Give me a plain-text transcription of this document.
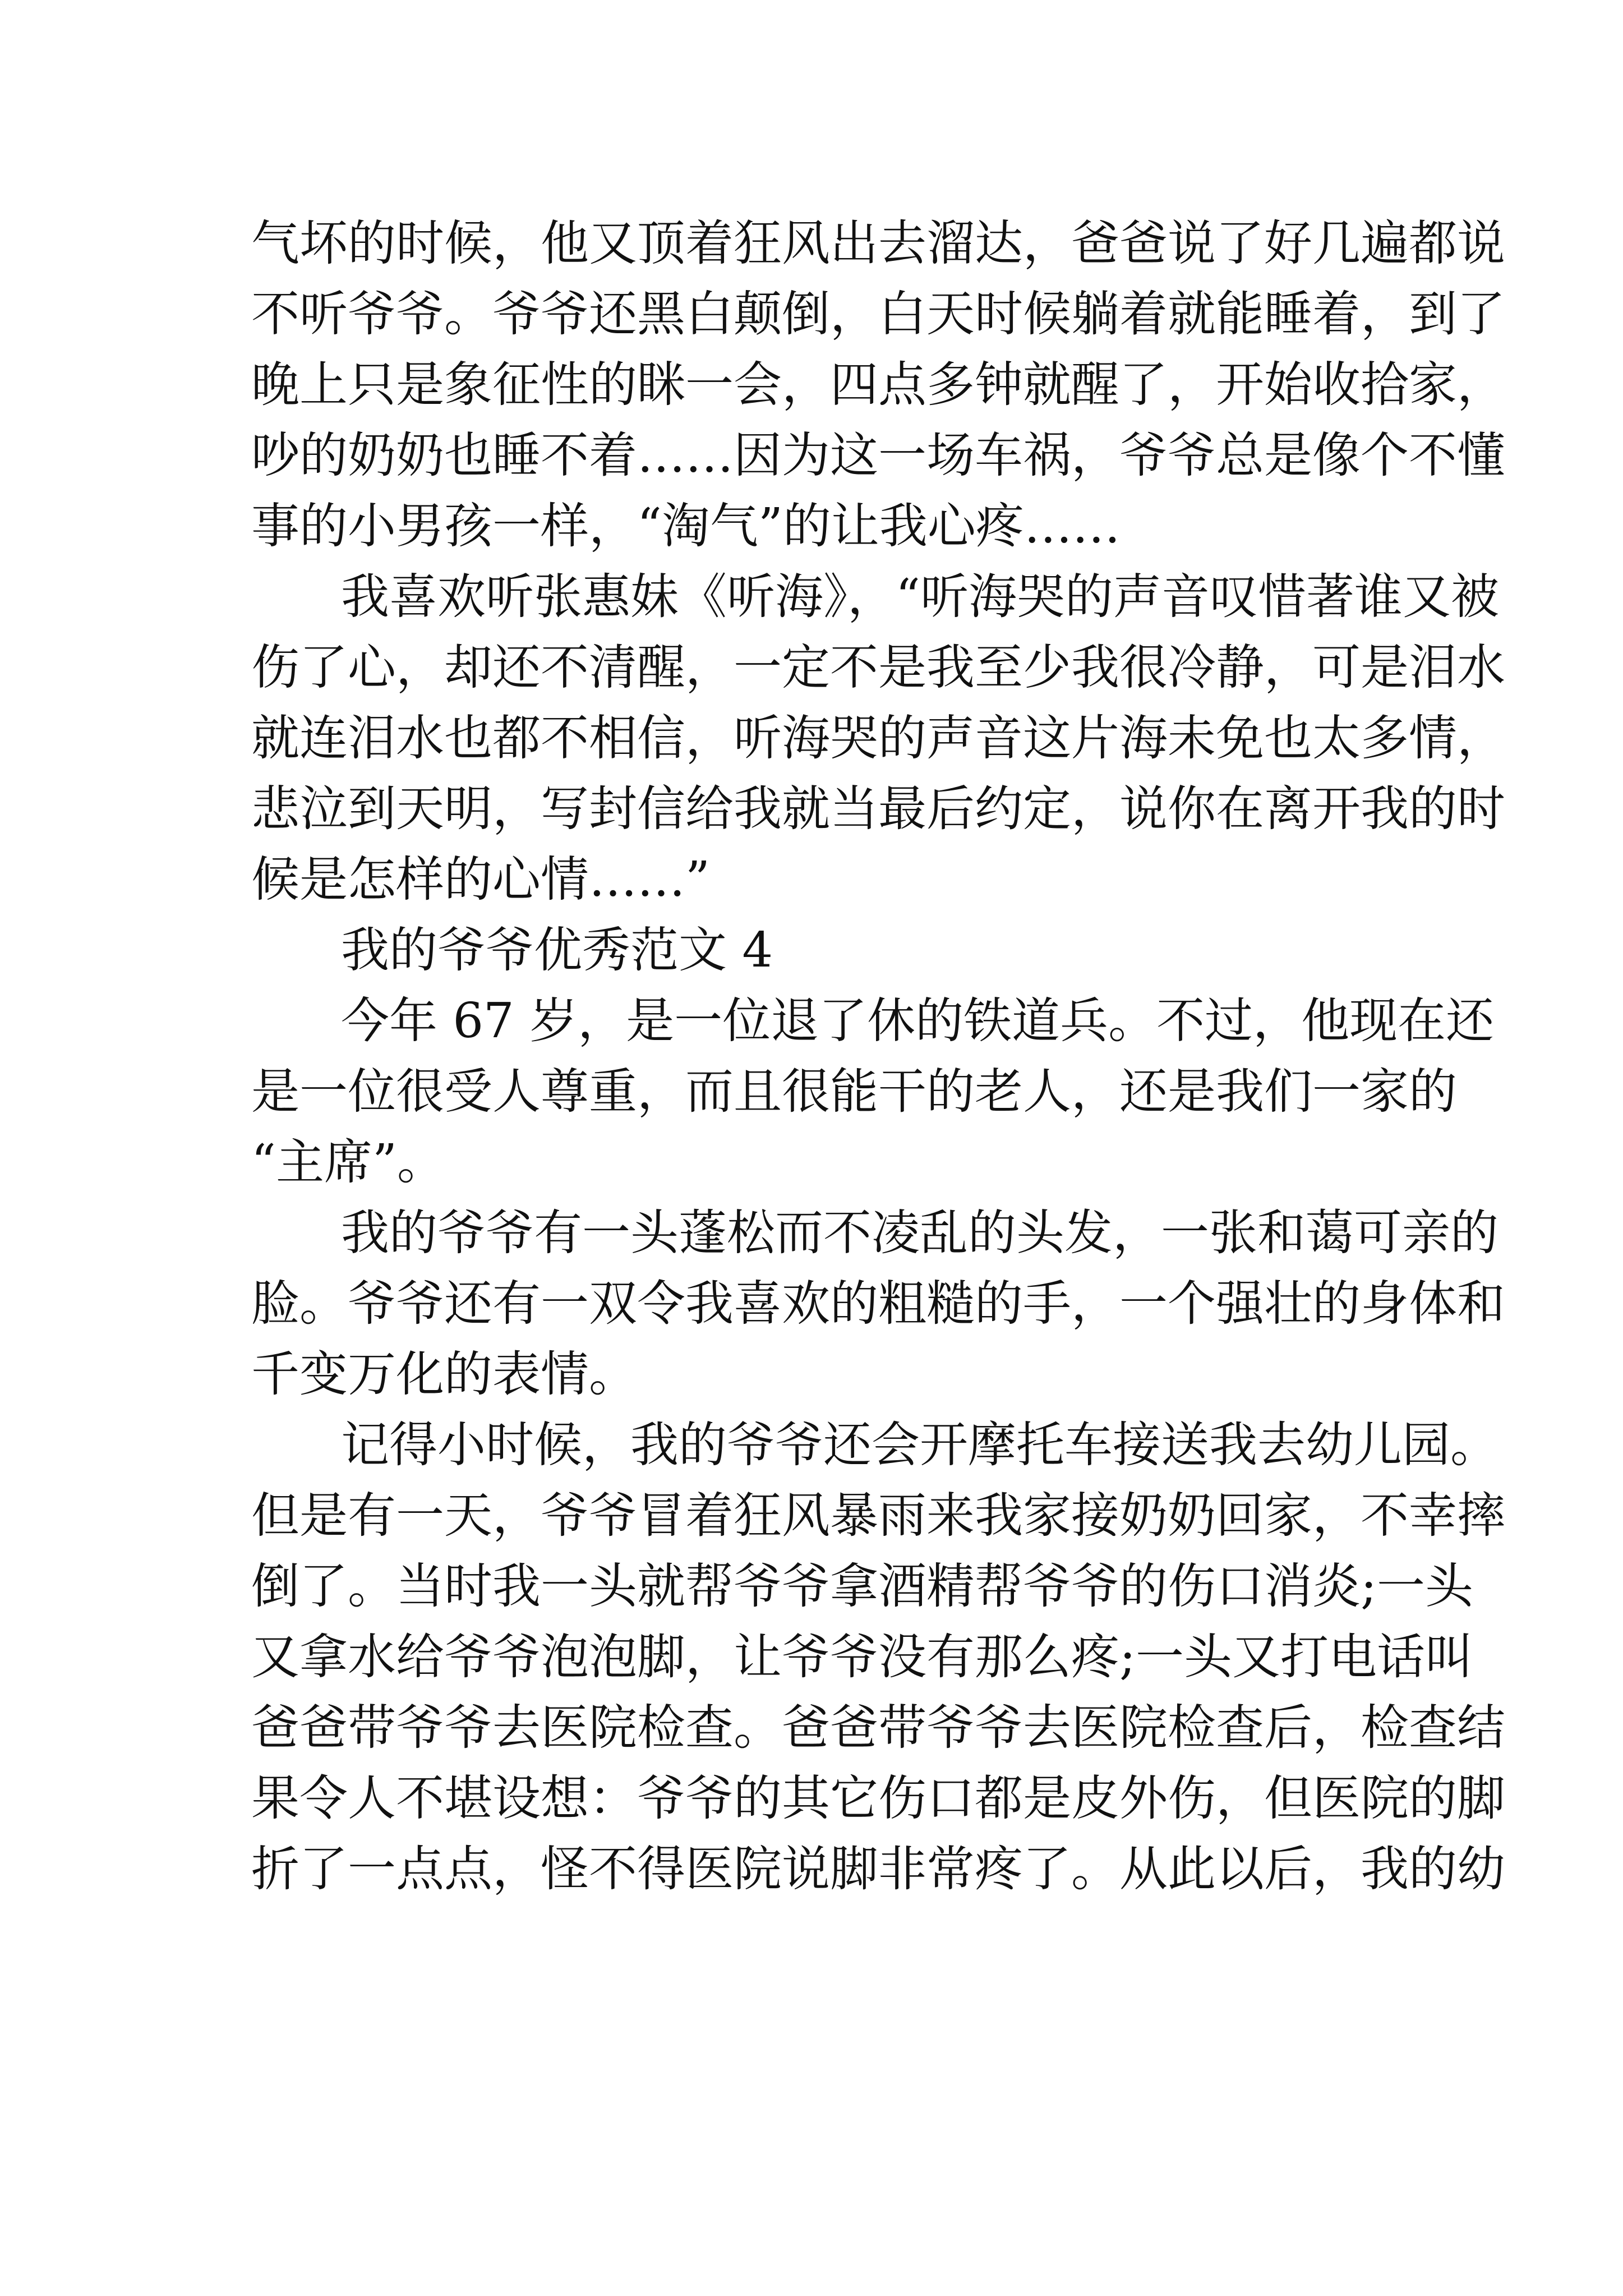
气坏的时候，他又顶着狂风出去溜达，爸爸说了好几遍都说
不听爷爷。爷爷还黑白颠倒，白天时候躺着就能睡着，到了
晚上只是象征性的眯一会，四点多钟就醒了，开始收拾家，
吵的奶奶也睡不着……因为这一场车祸，爷爷总是像个不懂
事的小男孩一样，“淘气”的让我心疼……
我喜欢听张惠妹《听海》，“听海哭的声音叹惜著谁又被
伤了心，却还不清醒，一定不是我至少我很冷静，可是泪水
就连泪水也都不相信，听海哭的声音这片海未免也太多情，
悲泣到天明，写封信给我就当最后约定，说你在离开我的时
候是怎样的心情……”
我的爷爷优秀范文 4
今年 67 岁，是一位退了休的铁道兵。不过，他现在还
是一位很受人尊重，而且很能干的老人，还是我们一家的
“主席”。
我的爷爷有一头蓬松而不凌乱的头发，一张和蔼可亲的
脸。爷爷还有一双令我喜欢的粗糙的手，一个强壮的身体和
千变万化的表情。
记得小时候，我的爷爷还会开摩托车接送我去幼儿园。
但是有一天，爷爷冒着狂风暴雨来我家接奶奶回家，不幸摔
倒了。当时我一头就帮爷爷拿酒精帮爷爷的伤口消炎;一头
又拿水给爷爷泡泡脚，让爷爷没有那么疼;一头又打电话叫
爸爸带爷爷去医院检查。爸爸带爷爷去医院检查后，检查结
果令人不堪设想：爷爷的其它伤口都是皮外伤，但医院的脚
折了一点点，怪不得医院说脚非常疼了。从此以后，我的幼
